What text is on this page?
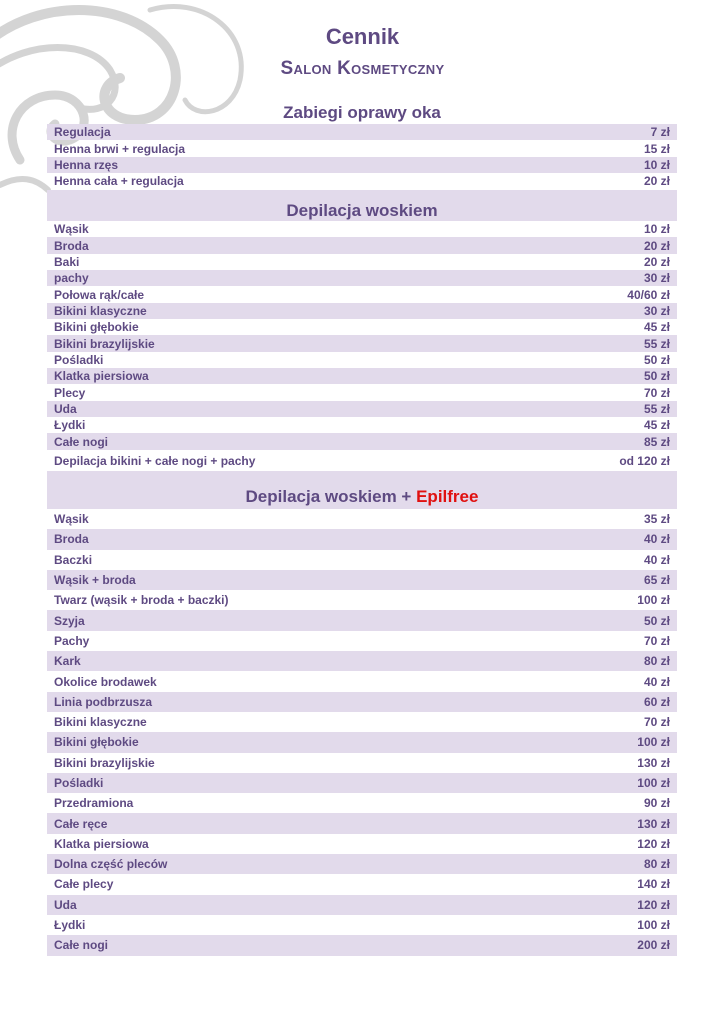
Cennik
Salon Kosmetyczny
Zabiegi oprawy oka
Regulacja	7 zł
Henna brwi + regulacja	15 zł
Henna rzęs	10 zł
Henna cała + regulacja	20 zł
Depilacja woskiem
Wąsik	10 zł
Broda	20 zł
Baki	20 zł
pachy	30 zł
Połowa rąk/całe	40/60 zł
Bikini klasyczne	30 zł
Bikini głębokie	45 zł
Bikini brazylijskie	55 zł
Pośladki	50 zł
Klatka piersiowa	50 zł
Plecy	70 zł
Uda	55 zł
Łydki	45 zł
Całe nogi	85 zł
Depilacja bikini + całe nogi + pachy	od 120 zł
Depilacja woskiem + Epilfree
Wąsik	35 zł
Broda	40 zł
Baczki	40 zł
Wąsik + broda	65 zł
Twarz (wąsik + broda + baczki)	100 zł
Szyja	50 zł
Pachy	70 zł
Kark	80 zł
Okolice brodawek	40 zł
Linia podbrzusza	60 zł
Bikini klasyczne	70 zł
Bikini głębokie	100 zł
Bikini brazylijskie	130 zł
Pośladki	100 zł
Przedramiona	90 zł
Całe ręce	130 zł
Klatka piersiowa	120 zł
Dolna część pleców	80 zł
Całe plecy	140 zł
Uda	120 zł
Łydki	100 zł
Całe nogi	200 zł
